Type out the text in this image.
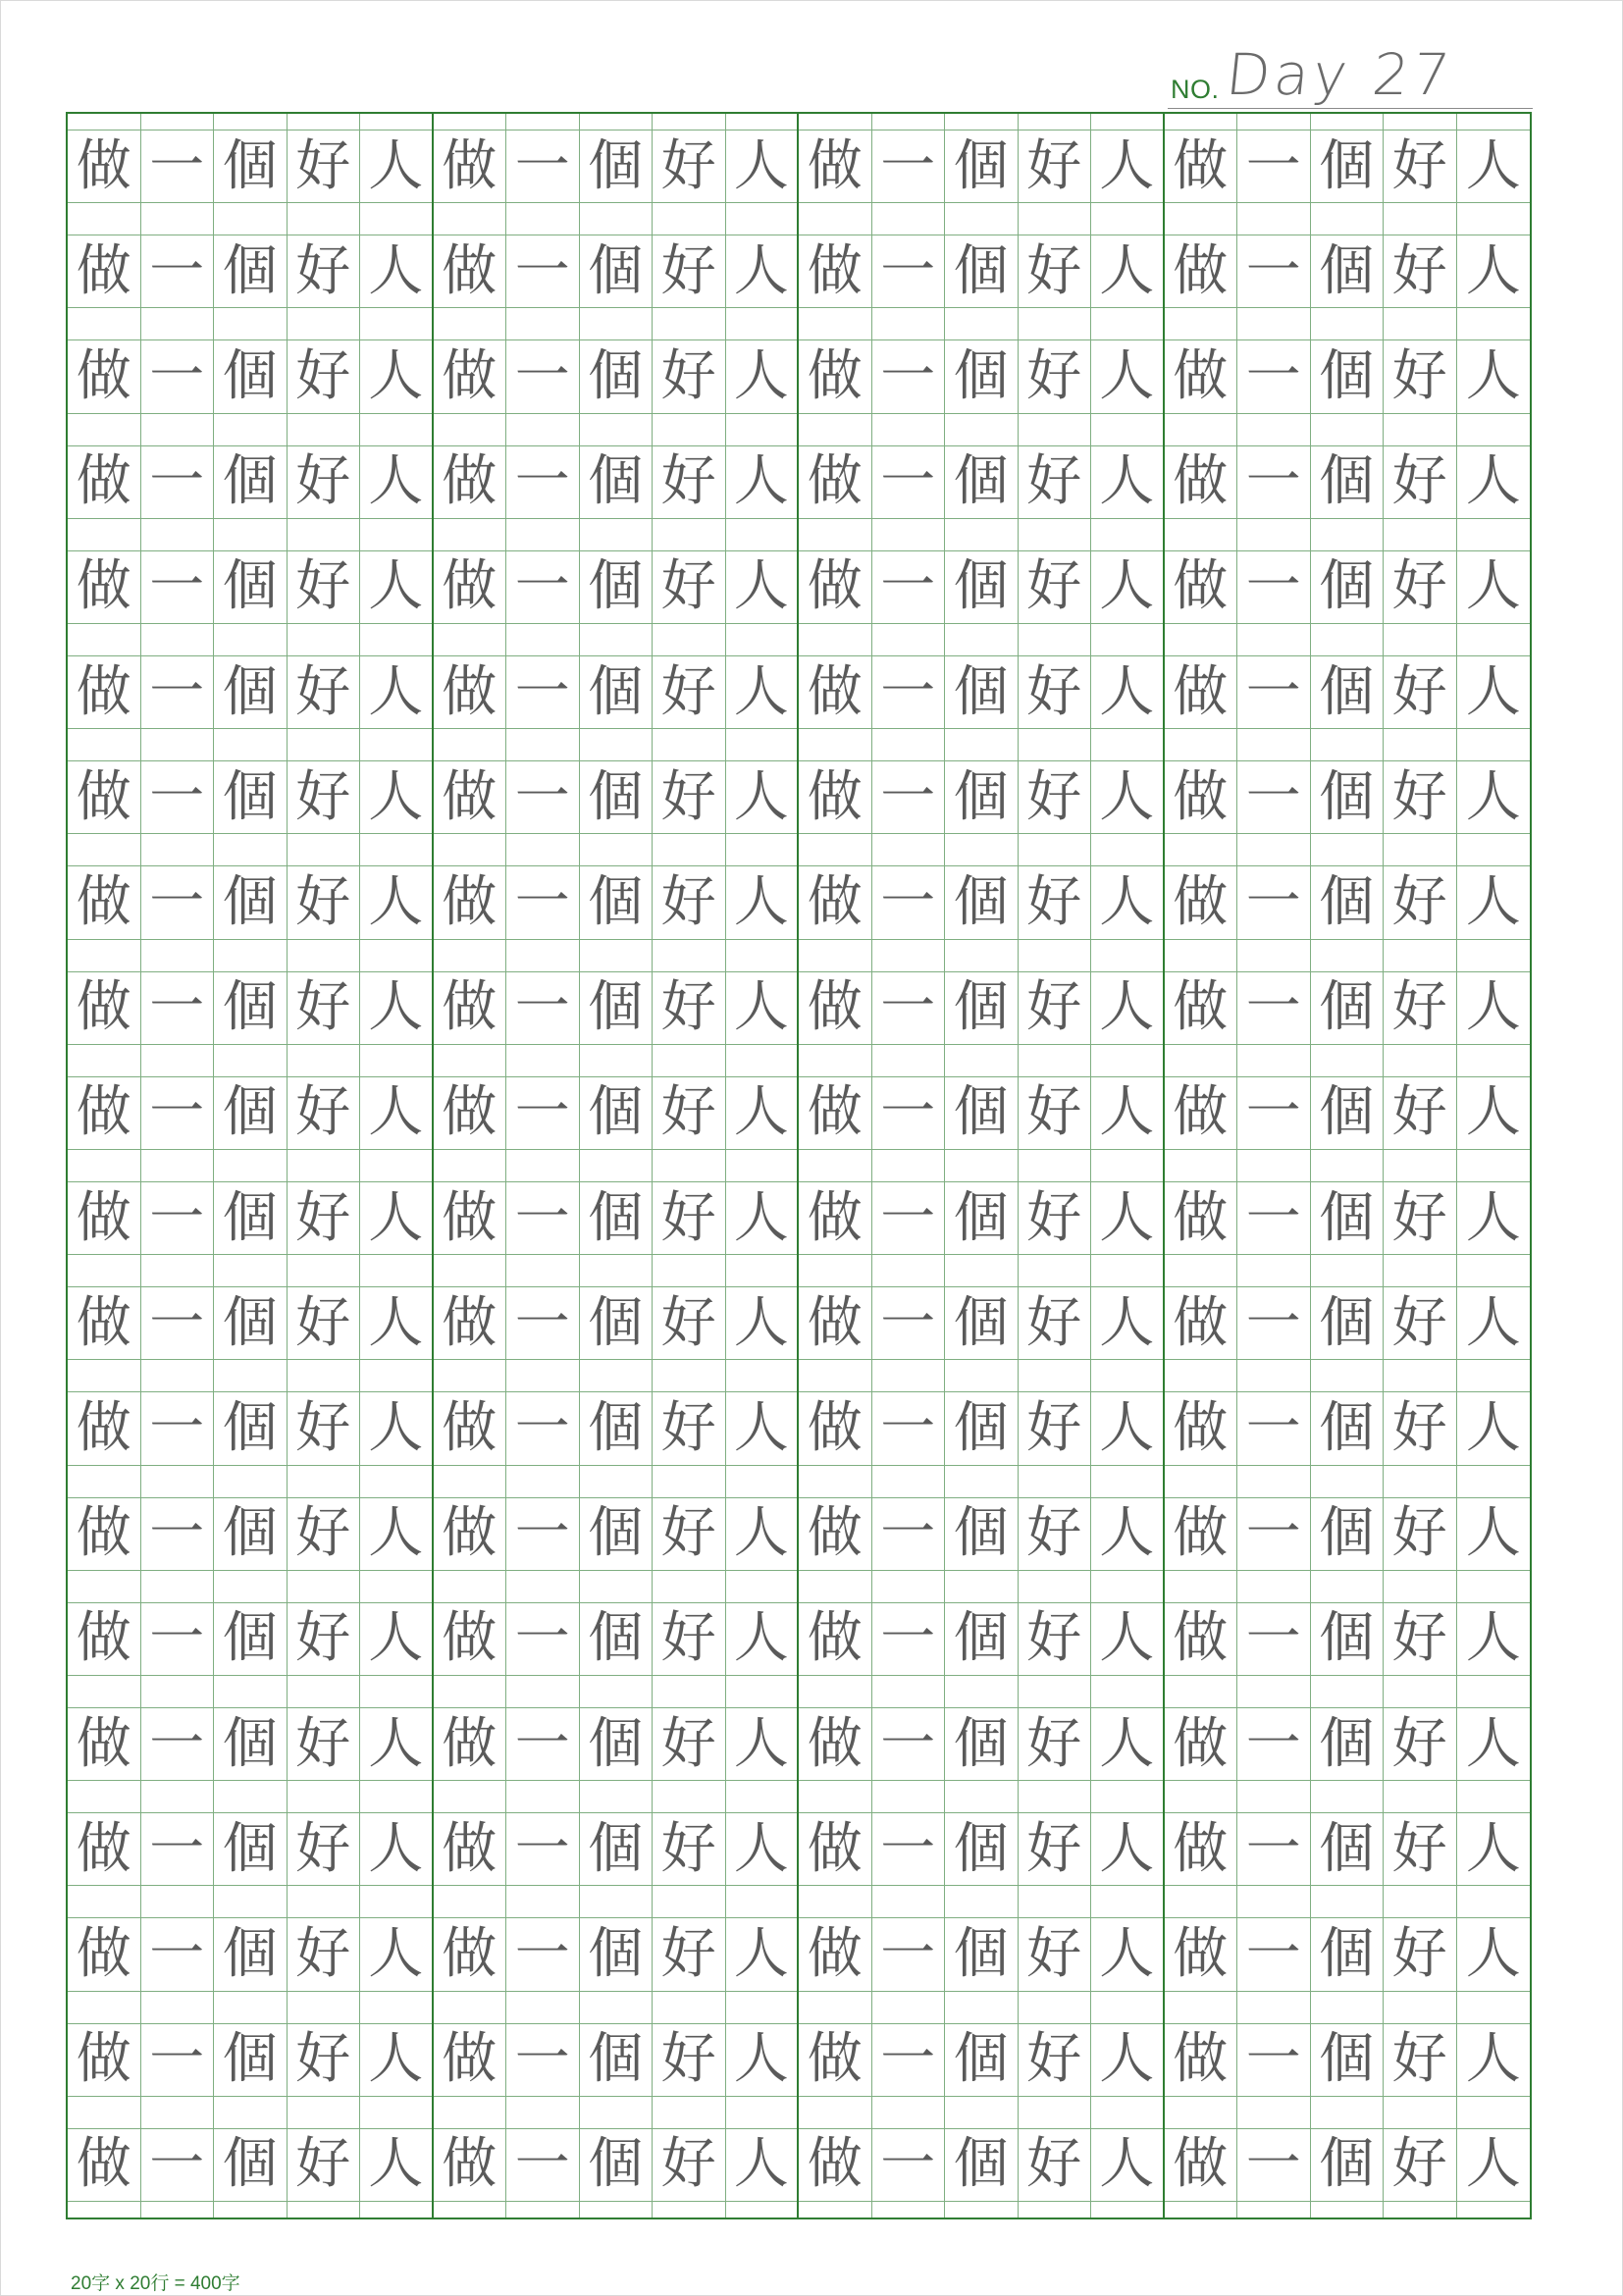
NO. Day 27
做 一 個 好 人 做 一 個 好 人 做 一 個 好 人 做 一 個 好 人
做 一 個 好 人 做 一 個 好 人 做 一 個 好 人 做 一 個 好 人
做 一 個 好 人 做 一 個 好 人 做 一 個 好 人 做 一 個 好 人
做 一 個 好 人 做 一 個 好 人 做 一 個 好 人 做 一 個 好 人
做 一 個 好 人 做 一 個 好 人 做 一 個 好 人 做 一 個 好 人
做 一 個 好 人 做 一 個 好 人 做 一 個 好 人 做 一 個 好 人
做 一 個 好 人 做 一 個 好 人 做 一 個 好 人 做 一 個 好 人
做 一 個 好 人 做 一 個 好 人 做 一 個 好 人 做 一 個 好 人
做 一 個 好 人 做 一 個 好 人 做 一 個 好 人 做 一 個 好 人
做 一 個 好 人 做 一 個 好 人 做 一 個 好 人 做 一 個 好 人
做 一 個 好 人 做 一 個 好 人 做 一 個 好 人 做 一 個 好 人
做 一 個 好 人 做 一 個 好 人 做 一 個 好 人 做 一 個 好 人
做 一 個 好 人 做 一 個 好 人 做 一 個 好 人 做 一 個 好 人
做 一 個 好 人 做 一 個 好 人 做 一 個 好 人 做 一 個 好 人
做 一 個 好 人 做 一 個 好 人 做 一 個 好 人 做 一 個 好 人
做 一 個 好 人 做 一 個 好 人 做 一 個 好 人 做 一 個 好 人
做 一 個 好 人 做 一 個 好 人 做 一 個 好 人 做 一 個 好 人
做 一 個 好 人 做 一 個 好 人 做 一 個 好 人 做 一 個 好 人
做 一 個 好 人 做 一 個 好 人 做 一 個 好 人 做 一 個 好 人
做 一 個 好 人 做 一 個 好 人 做 一 個 好 人 做 一 個 好 人
20字 x 20行 = 400字
